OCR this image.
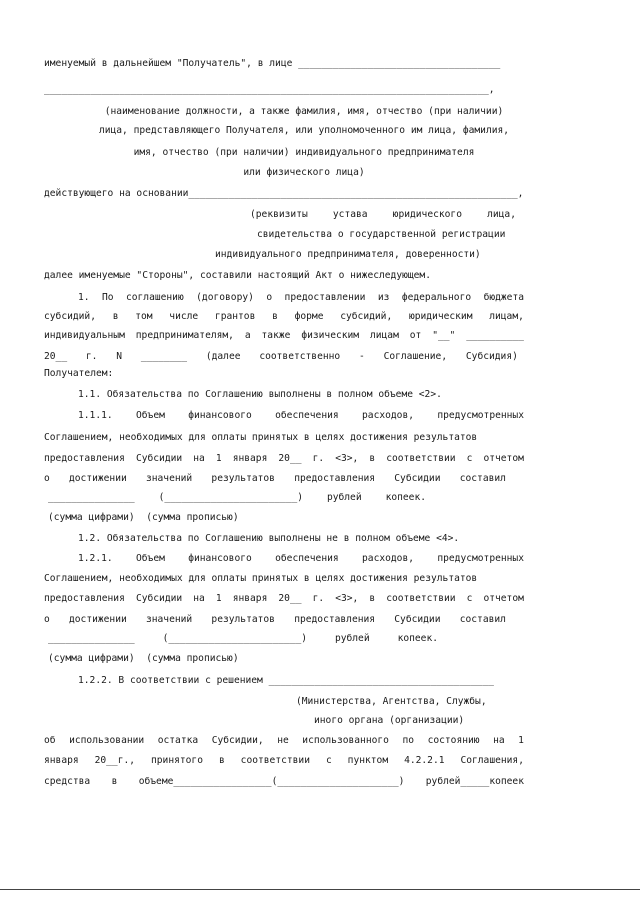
именуемый в дальнейшем "Получатель", в лице ___________________________________
_____________________________________________________________________________,
(наименование должности, а также фамилия, имя, отчество (при наличии)
лица, представляющего Получателя, или уполномоченного им лица, фамилия,
имя, отчество (при наличии) индивидуального предпринимателя
или физического лица)
действующего на основании_________________________________________________________,
(реквизиты	устава	юридического	лица,
свидетельства о государственной регистрации
индивидуального предпринимателя, доверенности)
далее именуемые "Стороны", составили настоящий Акт о нижеследующем.
1. По соглашению (договору) о предоставлении из федерального бюджета
субсидий, в том числе грантов в форме субсидий, юридическим лицам,
индивидуальным предпринимателям, а также физическим лицам от "__" __________
20__ г. N ________ (далее соответственно - Соглашение, Субсидия)
Получателем:
1.1. Обязательства по Соглашению выполнены в полном объеме <2>.
1.1.1. Объем финансового обеспечения расходов, предусмотренных
Соглашением, необходимых для оплаты принятых в целях достижения результатов
предоставления Субсидии на 1 января 20__ г. <3>, в соответствии с отчетом
о достижении значений результатов предоставления Субсидии составил
_______________ (_______________________) рублей копеек.
(сумма цифрами)  (сумма прописью)
1.2. Обязательства по Соглашению выполнены не в полном объеме <4>.
1.2.1. Объем финансового обеспечения расходов, предусмотренных
Соглашением, необходимых для оплаты принятых в целях достижения результатов
предоставления Субсидии на 1 января 20__ г. <3>, в соответствии с отчетом
о достижении значений результатов предоставления Субсидии составил
_______________	(_______________________)	рублей	копеек.
(сумма цифрами)  (сумма прописью)
1.2.2. В соответствии с решением _______________________________________
(Министерства, Агентства, Службы,
иного органа (организации)
об использовании остатка Субсидии, не использованного по состоянию на 1
января 20__г., принятого в соответствии с пунктом 4.2.2.1 Соглашения,
средства в объеме_________________(_____________________) рублей_____копеек
